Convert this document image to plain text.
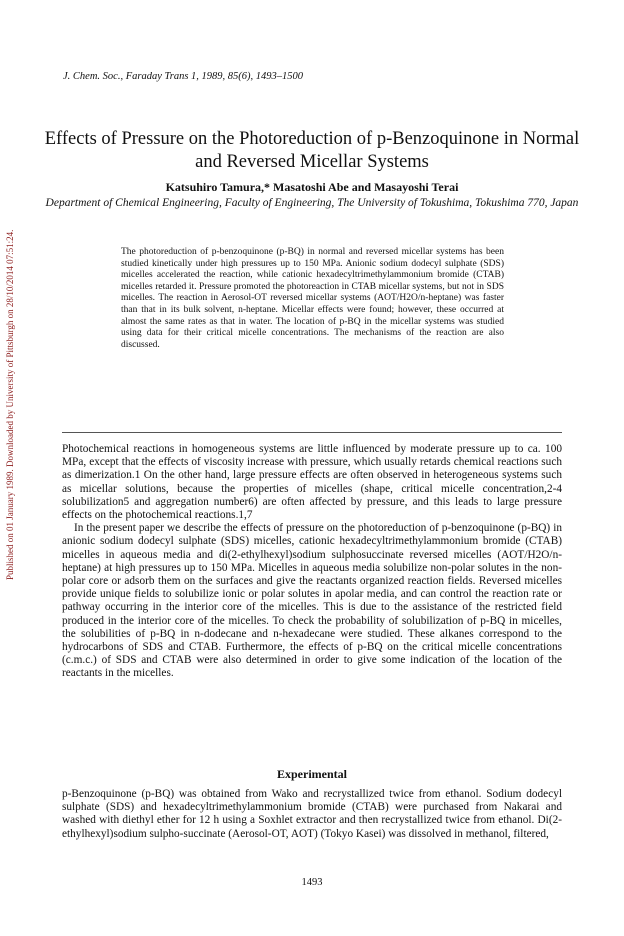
Published on 01 January 1989. Downloaded by University of Pittsburgh on 28/10/2014 07:51:24.
J. Chem. Soc., Faraday Trans 1, 1989, 85(6), 1493–1500
Effects of Pressure on the Photoreduction of p-Benzoquinone in Normal and Reversed Micellar Systems
Katsuhiro Tamura,* Masatoshi Abe and Masayoshi Terai
Department of Chemical Engineering, Faculty of Engineering, The University of Tokushima, Tokushima 770, Japan
The photoreduction of p-benzoquinone (p-BQ) in normal and reversed micellar systems has been studied kinetically under high pressures up to 150 MPa. Anionic sodium dodecyl sulphate (SDS) micelles accelerated the reaction, while cationic hexadecyltrimethylammonium bromide (CTAB) micelles retarded it. Pressure promoted the photoreaction in CTAB micellar systems, but not in SDS micelles. The reaction in Aerosol-OT reversed micellar systems (AOT/H2O/n-heptane) was faster than that in its bulk solvent, n-heptane. Micellar effects were found; however, these occurred at almost the same rates as that in water. The location of p-BQ in the micellar systems was studied using data for their critical micelle concentrations. The mechanisms of the reaction are also discussed.

Photochemical reactions in homogeneous systems are little influenced by moderate pressure up to ca. 100 MPa, except that the effects of viscosity increase with pressure, which usually retards chemical reactions such as dimerization.1 On the other hand, large pressure effects are often observed in heterogeneous systems such as micellar solutions, because the properties of micelles (shape, critical micelle concentration,2-4 solubilization5 and aggregation number6) are often affected by pressure, and this leads to large pressure effects on the photochemical reactions.1,7

In the present paper we describe the effects of pressure on the photoreduction of p-benzoquinone (p-BQ) in anionic sodium dodecyl sulphate (SDS) micelles, cationic hexadecyltrimethylammonium bromide (CTAB) micelles in aqueous media and di(2-ethylhexyl)sodium sulphosuccinate reversed micelles (AOT/H2O/n-heptane) at high pressures up to 150 MPa. Micelles in aqueous media solubilize non-polar solutes in the non-polar core or adsorb them on the surfaces and give the reactants organized reaction fields. Reversed micelles provide unique fields to solubilize ionic or polar solutes in apolar media, and can control the reaction rate or pathway occurring in the interior core of the micelles. This is due to the assistance of the restricted field produced in the interior core of the micelles. To check the probability of solubilization of p-BQ in micelles, the solubilities of p-BQ in n-dodecane and n-hexadecane were studied. These alkanes correspond to the hydrocarbons of SDS and CTAB. Furthermore, the effects of p-BQ on the critical micelle concentrations (c.m.c.) of SDS and CTAB were also determined in order to give some indication of the location of the reactants in the micelles.

Experimental

p-Benzoquinone (p-BQ) was obtained from Wako and recrystallized twice from ethanol. Sodium dodecyl sulphate (SDS) and hexadecyltrimethylammonium bromide (CTAB) were purchased from Nakarai and washed with diethyl ether for 12 h using a Soxhlet extractor and then recrystallized twice from ethanol. Di(2-ethylhexyl)sodium sulpho-succinate (Aerosol-OT, AOT) (Tokyo Kasei) was dissolved in methanol, filtered,

1493
